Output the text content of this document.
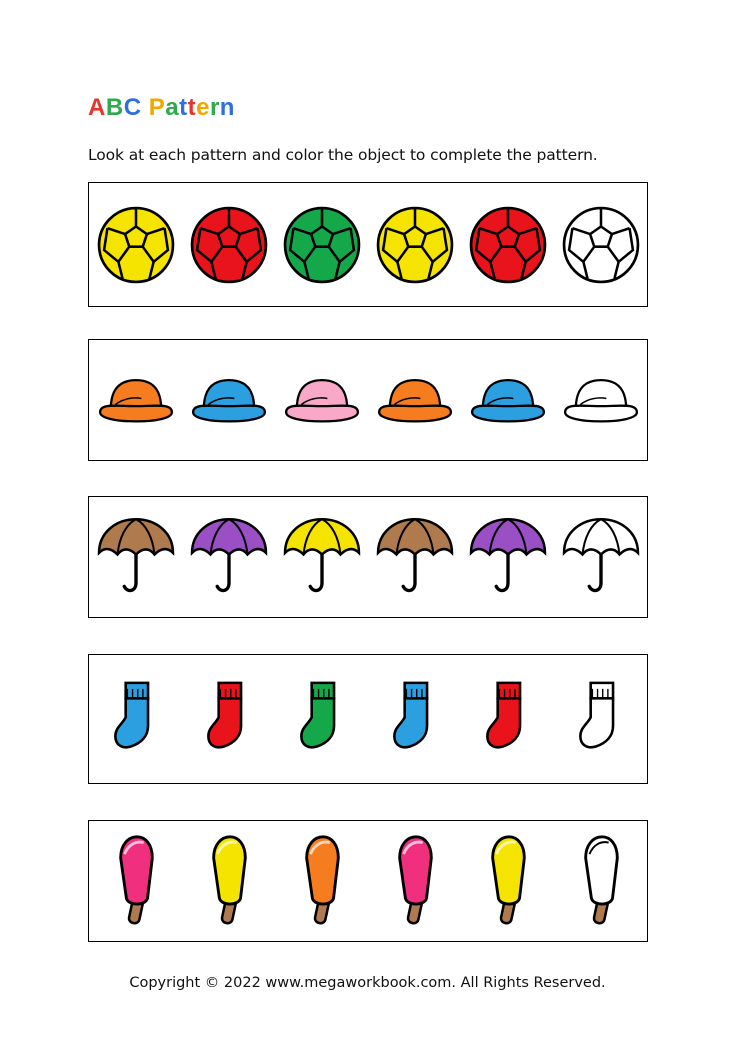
ABC Pattern
Look at each pattern and color the object to complete the pattern.
Copyright © 2022 www.megaworkbook.com. All Rights Reserved.
